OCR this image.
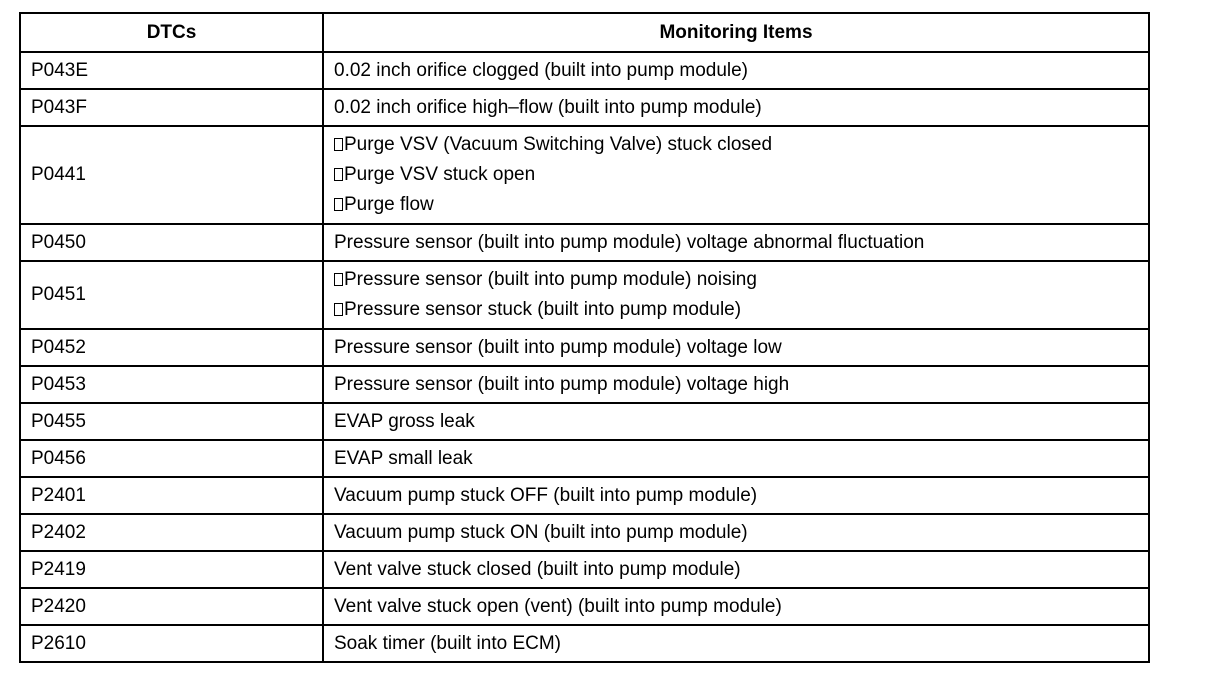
DTCs	Monitoring Items
P043E	0.02 inch orifice clogged (built into pump module)

P043F	0.02 inch orifice high–flow (built into pump module)

P0441	Purge VSV (Vacuum Switching Valve) stuck closed
Purge VSV stuck open
Purge flow

P0450	Pressure sensor (built into pump module) voltage abnormal fluctuation

P0451	Pressure sensor (built into pump module) noising
Pressure sensor stuck (built into pump module)

P0452	Pressure sensor (built into pump module) voltage low

P0453	Pressure sensor (built into pump module) voltage high

P0455	EVAP gross leak

P0456	EVAP small leak

P2401	Vacuum pump stuck OFF (built into pump module)

P2402	Vacuum pump stuck ON (built into pump module)

P2419	Vent valve stuck closed (built into pump module)

P2420	Vent valve stuck open (vent) (built into pump module)

P2610	Soak timer (built into ECM)
